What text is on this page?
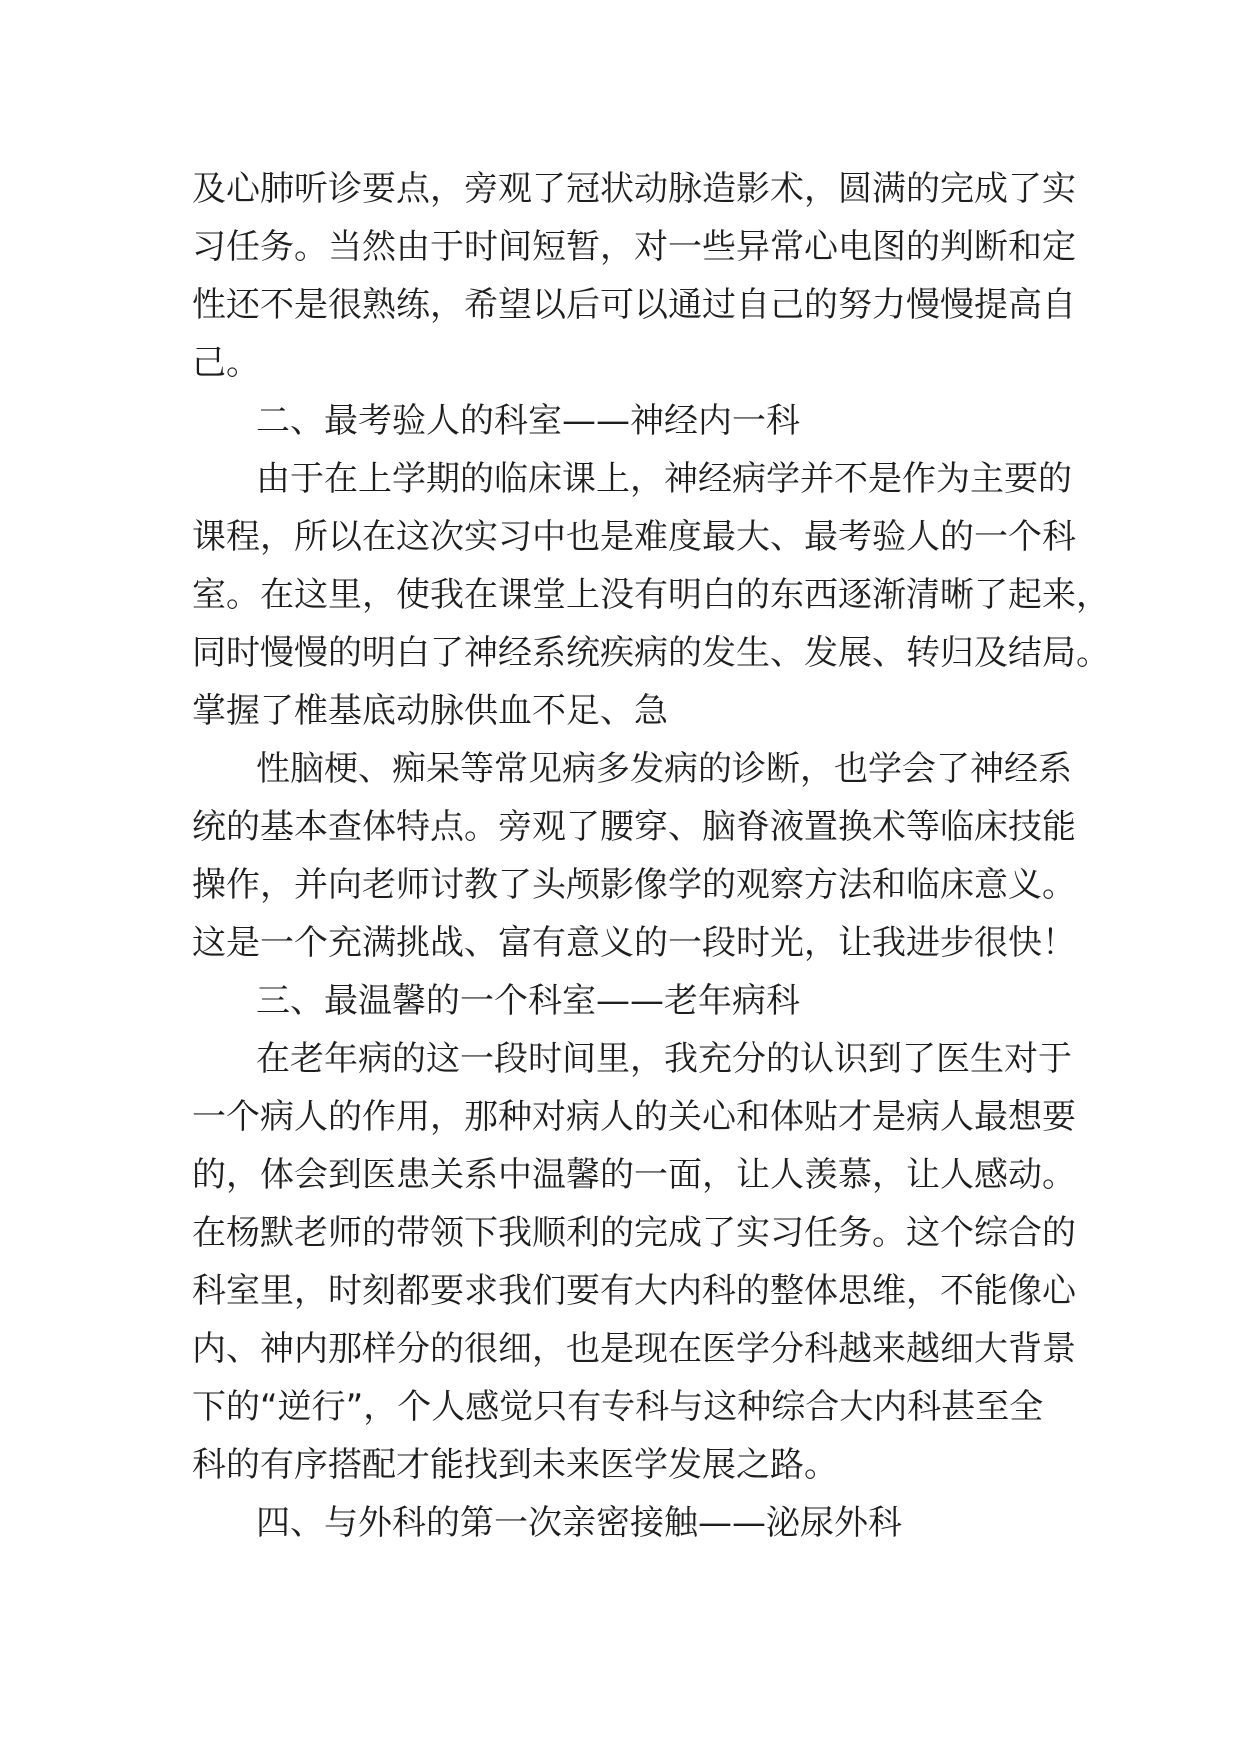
及心肺听诊要点，旁观了冠状动脉造影术，圆满的完成了实

习任务。当然由于时间短暂，对一些异常心电图的判断和定

性还不是很熟练，希望以后可以通过自己的努力慢慢提高自

己。

二、最考验人的科室——神经内一科

由于在上学期的临床课上，神经病学并不是作为主要的

课程，所以在这次实习中也是难度最大、最考验人的一个科

室。在这里，使我在课堂上没有明白的东西逐渐清晰了起来，

同时慢慢的明白了神经系统疾病的发生、发展、转归及结局。

掌握了椎基底动脉供血不足、急

性脑梗、痴呆等常见病多发病的诊断，也学会了神经系

统的基本查体特点。旁观了腰穿、脑脊液置换术等临床技能

操作，并向老师讨教了头颅影像学的观察方法和临床意义。

这是一个充满挑战、富有意义的一段时光，让我进步很快！

三、最温馨的一个科室——老年病科

在老年病的这一段时间里，我充分的认识到了医生对于

一个病人的作用，那种对病人的关心和体贴才是病人最想要

的，体会到医患关系中温馨的一面，让人羡慕，让人感动。

在杨默老师的带领下我顺利的完成了实习任务。这个综合的

科室里，时刻都要求我们要有大内科的整体思维，不能像心

内、神内那样分的很细，也是现在医学分科越来越细大背景

下的“逆行”，个人感觉只有专科与这种综合大内科甚至全

科的有序搭配才能找到未来医学发展之路。

四、与外科的第一次亲密接触——泌尿外科
